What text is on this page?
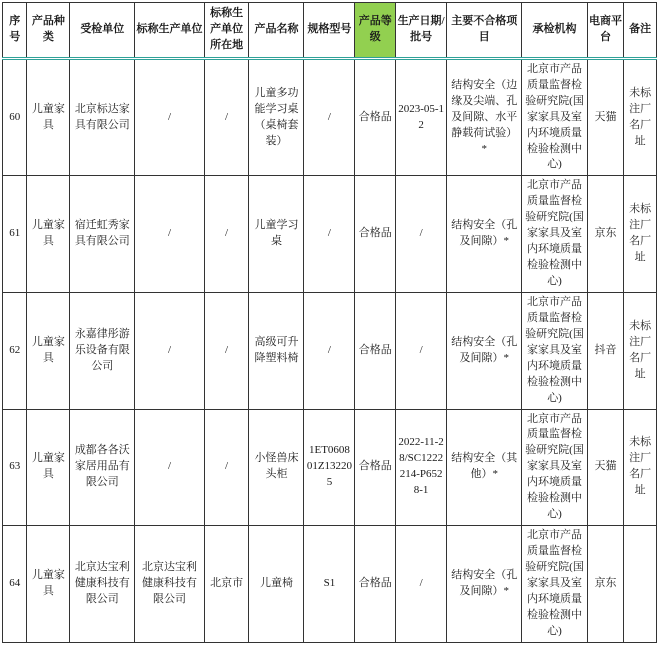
序号	产品种类	受检单位	标称生产单位	标称生产单位所在地	产品名称	规格型号	产品等级	生产日期/批号	主要不合格项目	承检机构	电商平台	备注
60	儿童家具	北京标达家具有限公司	/	/	儿童多功能学习桌（桌椅套装）	/	合格品	2023-05-12	结构安全（边缘及尖端、孔及间隙、水平静载荷试验）*	北京市产品质量监督检验研究院(国家家具及室内环境质量检验检测中心)	天猫	未标注厂名厂址
61	儿童家具	宿迁虹秀家具有限公司	/	/	儿童学习桌	/	合格品	/	结构安全（孔及间隙）*	北京市产品质量监督检验研究院(国家家具及室内环境质量检验检测中心)	京东	未标注厂名厂址
62	儿童家具	永嘉律彤游乐设备有限公司	/	/	高级可升降塑料椅	/	合格品	/	结构安全（孔及间隙）*	北京市产品质量监督检验研究院(国家家具及室内环境质量检验检测中心)	抖音	未标注厂名厂址
63	儿童家具	成都各各沃家居用品有限公司	/	/	小怪兽床头柜	1ET060801Z132205	合格品	2022-11-28/SC1222214-P6528-1	结构安全（其他）*	北京市产品质量监督检验研究院(国家家具及室内环境质量检验检测中心)	天猫	未标注厂名厂址
64	儿童家具	北京达宝利健康科技有限公司	北京达宝利健康科技有限公司	北京市	儿童椅	S1	合格品	/	结构安全（孔及间隙）*	北京市产品质量监督检验研究院(国家家具及室内环境质量检验检测中心)	京东	
